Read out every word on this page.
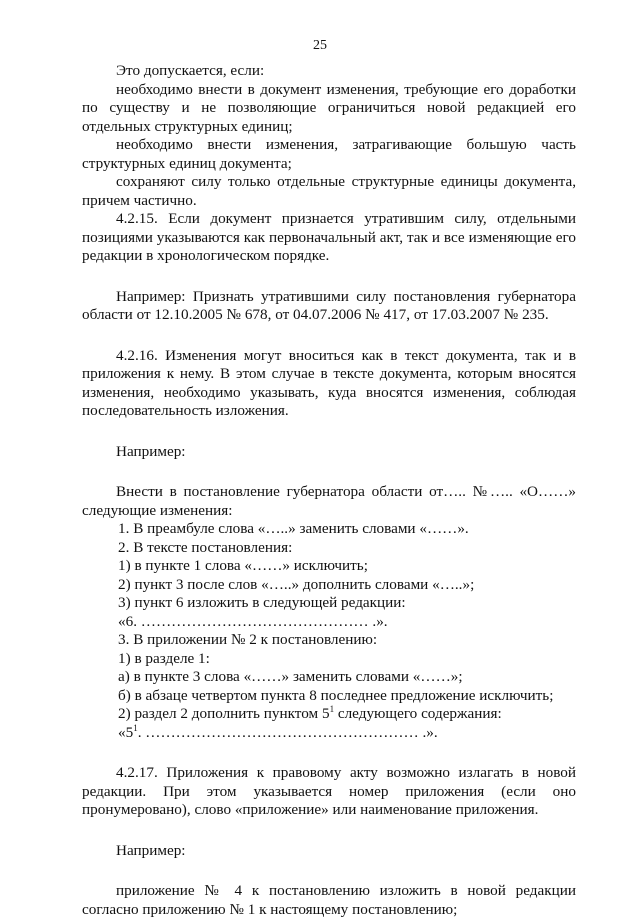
25

Это допускается, если:

необходимо внести в документ изменения, требующие его доработки по существу и не позволяющие ограничиться новой редакцией его отдельных структурных единиц;

необходимо внести изменения, затрагивающие большую часть структурных единиц документа;

сохраняют силу только отдельные структурные единицы документа, причем частично.

4.2.15. Если документ признается утратившим силу, отдельными позициями указываются как первоначальный акт, так и все изменяющие его редакции в хронологическом порядке.

Например: Признать утратившими силу постановления губернатора области от 12.10.2005 № 678, от 04.07.2006 № 417, от 17.03.2007 № 235.

4.2.16. Изменения могут вноситься как в текст документа, так и в приложения к нему. В этом случае в тексте документа, которым вносятся изменения, необходимо указывать, куда вносятся изменения, соблюдая последовательность изложения.

Например:

Внести в постановление губернатора области от….. №….. «О……» следующие изменения:

1. В преамбуле слова «…..» заменить словами «……».

2. В тексте постановления:

1) в пункте 1 слова «……» исключить;

2) пункт 3 после слов «…..» дополнить словами «…..»;

3) пункт 6 изложить в следующей редакции:

«6. ……………………………………… .».

3. В приложении № 2 к постановлению:

1) в разделе 1:

а) в пункте 3 слова «……» заменить словами «……»;

б) в абзаце четвертом пункта 8 последнее предложение исключить;

2) раздел 2 дополнить пунктом $5^1$ следующего содержания:

«$5^1$. ……………………………………………… .».

4.2.17. Приложения к правовому акту возможно излагать в новой редакции. При этом указывается номер приложения (если оно пронумеровано), слово «приложение» или наименование приложения.

Например:

приложение № 4 к постановлению изложить в новой редакции согласно приложению № 1 к настоящему постановлению;
